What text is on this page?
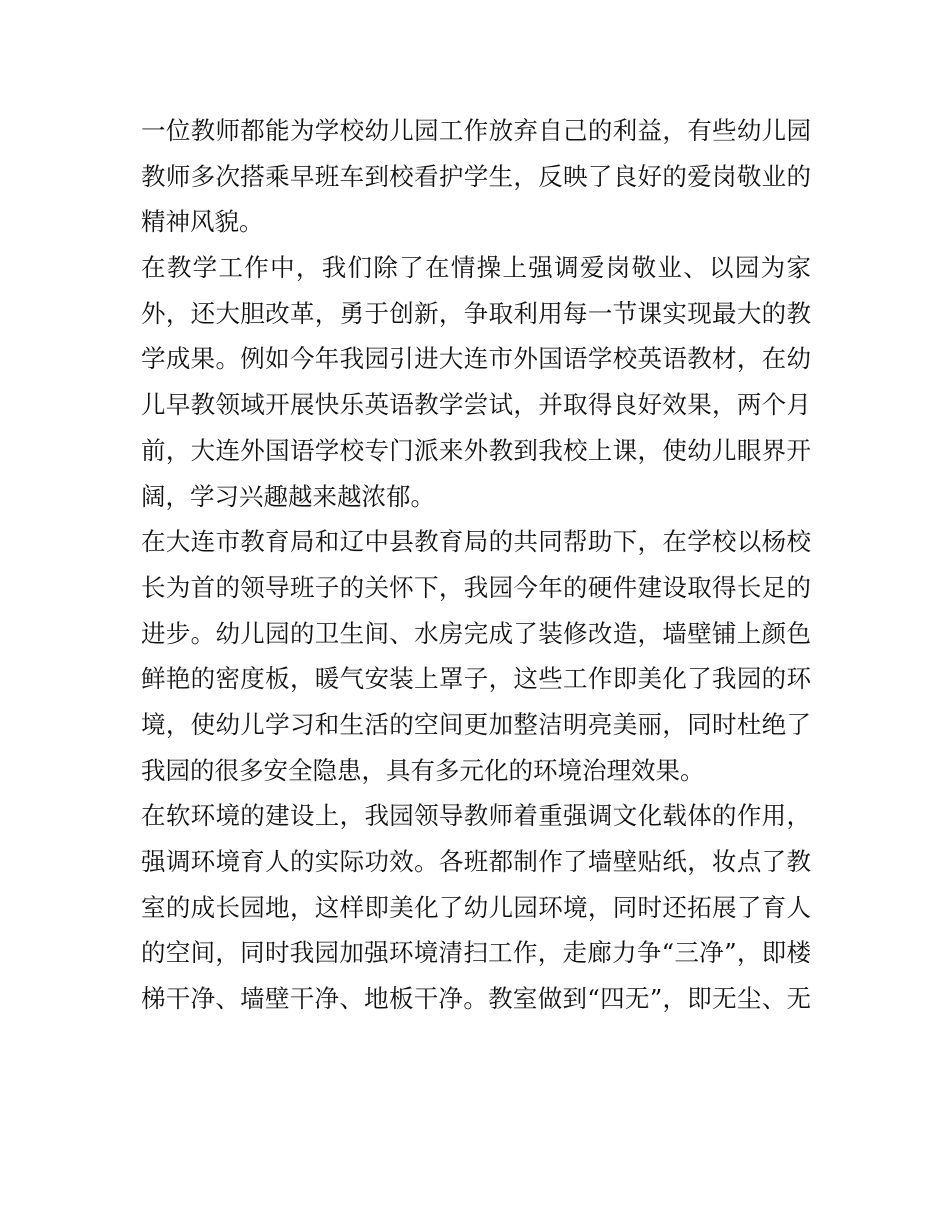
一位教师都能为学校幼儿园工作放弃自己的利益，有些幼儿园
教师多次搭乘早班车到校看护学生，反映了良好的爱岗敬业的
精神风貌。
在教学工作中，我们除了在情操上强调爱岗敬业、以园为家
外，还大胆改革，勇于创新，争取利用每一节课实现最大的教
学成果。例如今年我园引进大连市外国语学校英语教材，在幼
儿早教领域开展快乐英语教学尝试，并取得良好效果，两个月
前，大连外国语学校专门派来外教到我校上课，使幼儿眼界开
阔，学习兴趣越来越浓郁。
在大连市教育局和辽中县教育局的共同帮助下，在学校以杨校
长为首的领导班子的关怀下，我园今年的硬件建设取得长足的
进步。幼儿园的卫生间、水房完成了装修改造，墙壁铺上颜色
鲜艳的密度板，暖气安装上罩子，这些工作即美化了我园的环
境，使幼儿学习和生活的空间更加整洁明亮美丽，同时杜绝了
我园的很多安全隐患，具有多元化的环境治理效果。
在软环境的建设上，我园领导教师着重强调文化载体的作用，
强调环境育人的实际功效。各班都制作了墙壁贴纸，妆点了教
室的成长园地，这样即美化了幼儿园环境，同时还拓展了育人
的空间，同时我园加强环境清扫工作，走廊力争“三净”，即楼
梯干净、墙壁干净、地板干净。教室做到“四无”，即无尘、无
